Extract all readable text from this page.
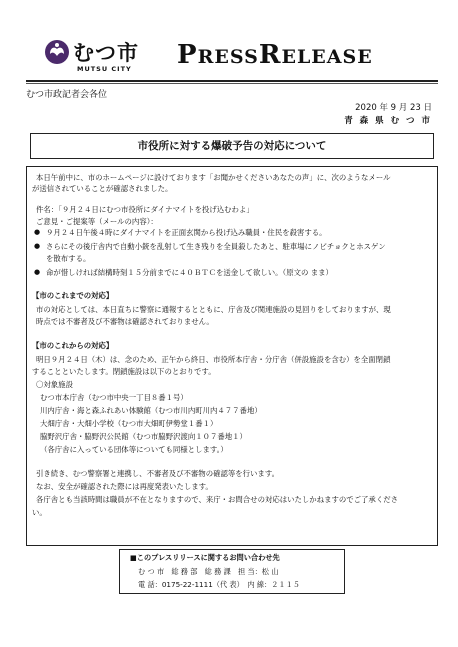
むつ市
MUTSU CITY PRESSRELEASE
むつ市政記者会各位
2020 年 9 月 23 日
青 森 県 む つ 市
市役所に対する爆破予告の対応について
本日午前中に、市のホームページに設けております「お聞かせくださいあなたの声」に、次のようなメール
が送信されていることが確認されました。
件名：「９月２４日にむつ市役所にダイナマイトを投げ込むわよ」
ご意見・ご提案等（メールの内容）：
● ９月２４日午後４時にダイナマイトを正面玄関から投げ込み職員・住民を殺害する。
● さらにその後庁舎内で自動小銃を乱射して生き残りを全員殺したあと、駐車場にノビチョクとホスゲン
を散布する。
● 命が惜しければ結構時刻１５分前までに４０ＢＴＣを送金して欲しい。（原文の まま）
【市のこれまでの対応】
市の対応としては、本日直ちに警察に通報するとともに、庁舎及び関連施設の見回りをしておりますが、現
時点では不審者及び不審物は確認されておりません。
【市のこれからの対応】
明日９月２４日（木）は、念のため、正午から終日、市役所本庁舎・分庁舎（併設施設を含む）を全面閉鎖
することといたします。閉鎖施設は以下のとおりです。
〇対象施設
むつ市本庁舎（むつ市中央一丁目８番１号）
川内庁舎・海と森ふれあい体験館（むつ市川内町川内４７７番地）
大畑庁舎・大畑小学校（むつ市大畑町伊勢堂１番１）
脇野沢庁舎・脇野沢公民館（むつ市脇野沢渡向１０７番地１）
（各庁舎に入っている団体等についても同様とします。）
引き続き、むつ警察署と連携し、不審者及び不審物の確認等を行います。
なお、安全が確認された際には再度発表いたします。
各庁舎とも当該時間は職員が不在となりますので、来庁・お問合せの対応はいたしかねますのでご了承くださ
い。
■このプレスリリースに関するお問い合わせ先
む つ 市　総 務 部　総 務 課　担 当：松 山
電 話：0175-22-1111（代 表）　内 線：２１１５
